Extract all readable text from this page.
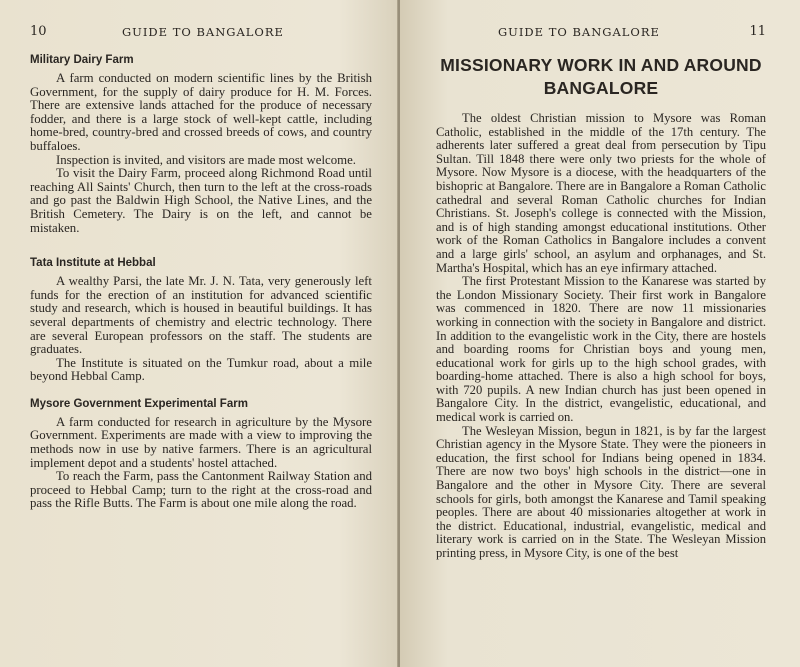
10	GUIDE TO BANGALORE
Military Dairy Farm

A farm conducted on modern scientific lines by the British Government, for the supply of dairy produce for H. M. Forces. There are extensive lands attached for the produce of necessary fodder, and there is a large stock of well-kept cattle, including home-bred, country-bred and crossed breeds of cows, and country buffaloes.

Inspection is invited, and visitors are made most welcome.

To visit the Dairy Farm, proceed along Richmond Road until reaching All Saints' Church, then turn to the left at the cross-roads and go past the Baldwin High School, the Native Lines, and the British Cemetery. The Dairy is on the left, and cannot be mistaken.

Tata Institute at Hebbal

A wealthy Parsi, the late Mr. J. N. Tata, very generously left funds for the erection of an institution for advanced scientific study and research, which is housed in beautiful buildings. It has several departments of chemistry and electric technology. There are several European professors on the staff. The students are graduates.

The Institute is situated on the Tumkur road, about a mile beyond Hebbal Camp.

Mysore Government Experimental Farm

A farm conducted for research in agriculture by the Mysore Government. Experiments are made with a view to improving the methods now in use by native farmers. There is an agricultural implement depot and a students' hostel attached.

To reach the Farm, pass the Cantonment Railway Station and proceed to Hebbal Camp; turn to the right at the cross-road and pass the Rifle Butts. The Farm is about one mile along the road.

GUIDE TO BANGALORE	11
MISSIONARY WORK IN AND AROUND BANGALORE

The oldest Christian mission to Mysore was Roman Catholic, established in the middle of the 17th century. The adherents later suffered a great deal from persecution by Tipu Sultan. Till 1848 there were only two priests for the whole of Mysore. Now Mysore is a diocese, with the headquarters of the bishopric at Bangalore. There are in Bangalore a Roman Catholic cathedral and several Roman Catholic churches for Indian Christians. St. Joseph's college is connected with the Mission, and is of high standing amongst educational institutions. Other work of the Roman Catholics in Bangalore includes a convent and a large girls' school, an asylum and orphanages, and St. Martha's Hospital, which has an eye infirmary attached.

The first Protestant Mission to the Kanarese was started by the London Missionary Society. Their first work in Bangalore was commenced in 1820. There are now 11 missionaries working in connection with the society in Bangalore and district. In addition to the evangelistic work in the City, there are hostels and boarding rooms for Christian boys and young men, educational work for girls up to the high school grades, with boarding-home attached. There is also a high school for boys, with 720 pupils. A new Indian church has just been opened in Bangalore City. In the district, evangelistic, educational, and medical work is carried on.

The Wesleyan Mission, begun in 1821, is by far the largest Christian agency in the Mysore State. They were the pioneers in education, the first school for Indians being opened in 1834. There are now two boys' high schools in the district—one in Bangalore and the other in Mysore City. There are several schools for girls, both amongst the Kanarese and Tamil speaking peoples. There are about 40 missionaries altogether at work in the district. Educational, industrial, evangelistic, medical and literary work is carried on in the State. The Wesleyan Mission printing press, in Mysore City, is one of the best
